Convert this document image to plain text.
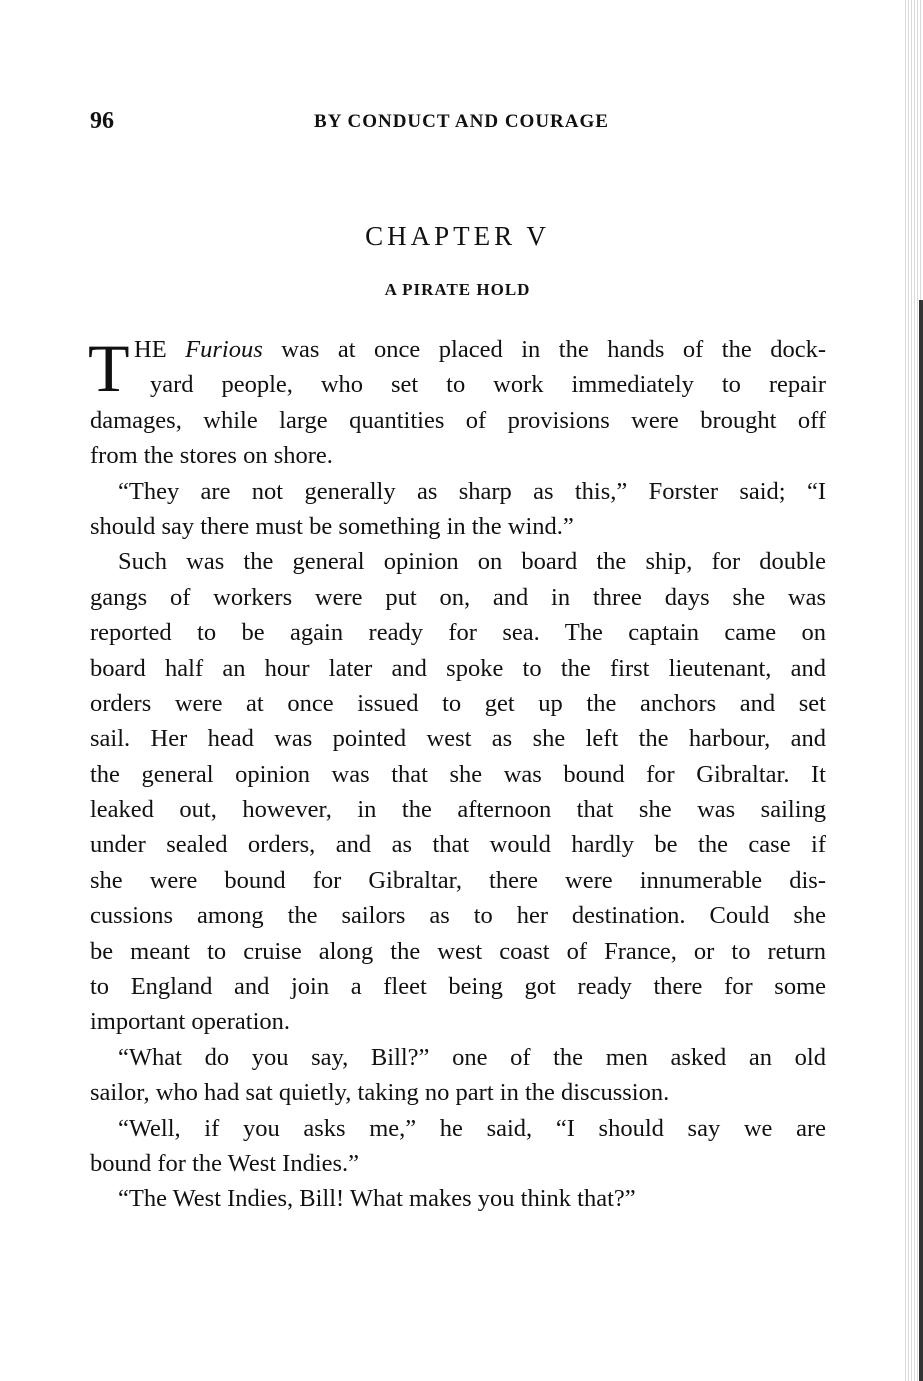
96	BY CONDUCT AND COURAGE
CHAPTER V
A PIRATE HOLD
T HE Furious was at once placed in the hands of the dock-
yard people, who set to work immediately to repair
damages, while large quantities of provisions were brought off
from the stores on shore.
“They are not generally as sharp as this,” Forster said; “I
should say there must be something in the wind.”
Such was the general opinion on board the ship, for double
gangs of workers were put on, and in three days she was
reported to be again ready for sea. The captain came on
board half an hour later and spoke to the first lieutenant, and
orders were at once issued to get up the anchors and set
sail. Her head was pointed west as she left the harbour, and
the general opinion was that she was bound for Gibraltar. It
leaked out, however, in the afternoon that she was sailing
under sealed orders, and as that would hardly be the case if
she were bound for Gibraltar, there were innumerable dis-
cussions among the sailors as to her destination. Could she
be meant to cruise along the west coast of France, or to return
to England and join a fleet being got ready there for some
important operation.
“What do you say, Bill?” one of the men asked an old
sailor, who had sat quietly, taking no part in the discussion.
“Well, if you asks me,” he said, “I should say we are
bound for the West Indies.”
“The West Indies, Bill! What makes you think that?”
